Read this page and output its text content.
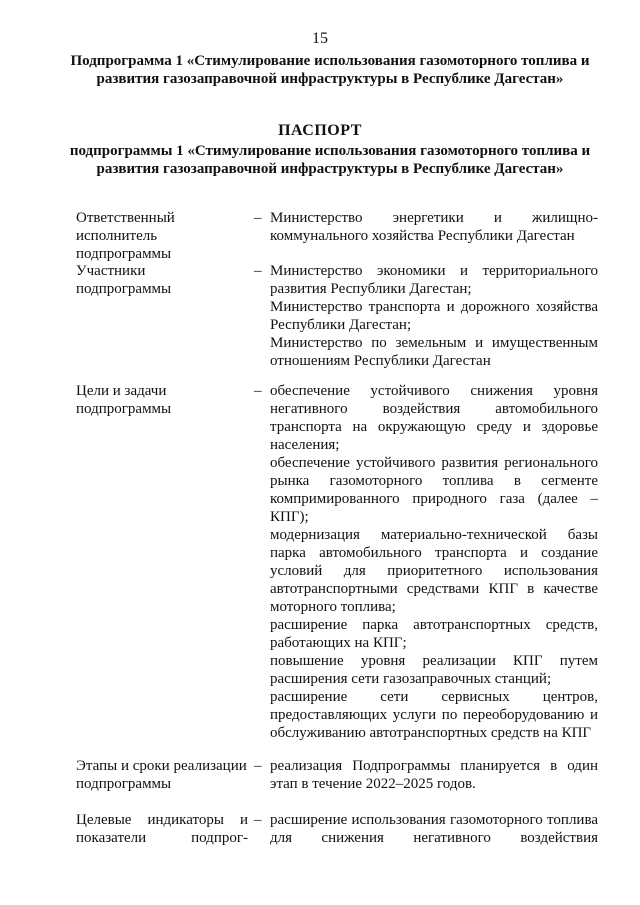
15
Подпрограмма 1 «Стимулирование использования газомоторного топлива и развития газозаправочной инфраструктуры в Республике Дагестан»
ПАСПОРТ
подпрограммы 1 «Стимулирование использования газомоторного топлива и развития газозаправочной инфраструктуры в Республике Дагестан»
Ответственный исполнитель подпрограммы
– Министерство энергетики и жилищно-коммунального хозяйства Республики Дагестан

Участники подпрограммы
– Министерство экономики и территориального развития Республики Дагестан;

Министерство транспорта и дорожного хозяйства Республики Дагестан;

Министерство по земельным и имущественным отношениям Республики Дагестан

Цели и задачи подпрограммы
– обеспечение устойчивого снижения уровня негативного воздействия автомобильного транспорта на окружающую среду и здоровье населения;

обеспечение устойчивого развития регионального рынка газомоторного топлива в сегменте компримированного природного газа (далее – КПГ);

модернизация материально-технической базы парка автомобильного транспорта и создание условий для приоритетного использования автотранспортными средствами КПГ в качестве моторного топлива;

расширение парка автотранспортных средств, работающих на КПГ;

повышение уровня реализации КПГ путем расширения сети газозаправочных станций;

расширение сети сервисных центров, предоставляющих услуги по переоборудованию и обслуживанию автотранспортных средств на КПГ

Этапы и сроки реализации подпрограммы
– реализация Подпрограммы планируется в один этап в течение 2022–2025 годов.

Целевые индикаторы и показатели подпрог-
– расширение использования газомоторного топлива для снижения негативного воздействия
